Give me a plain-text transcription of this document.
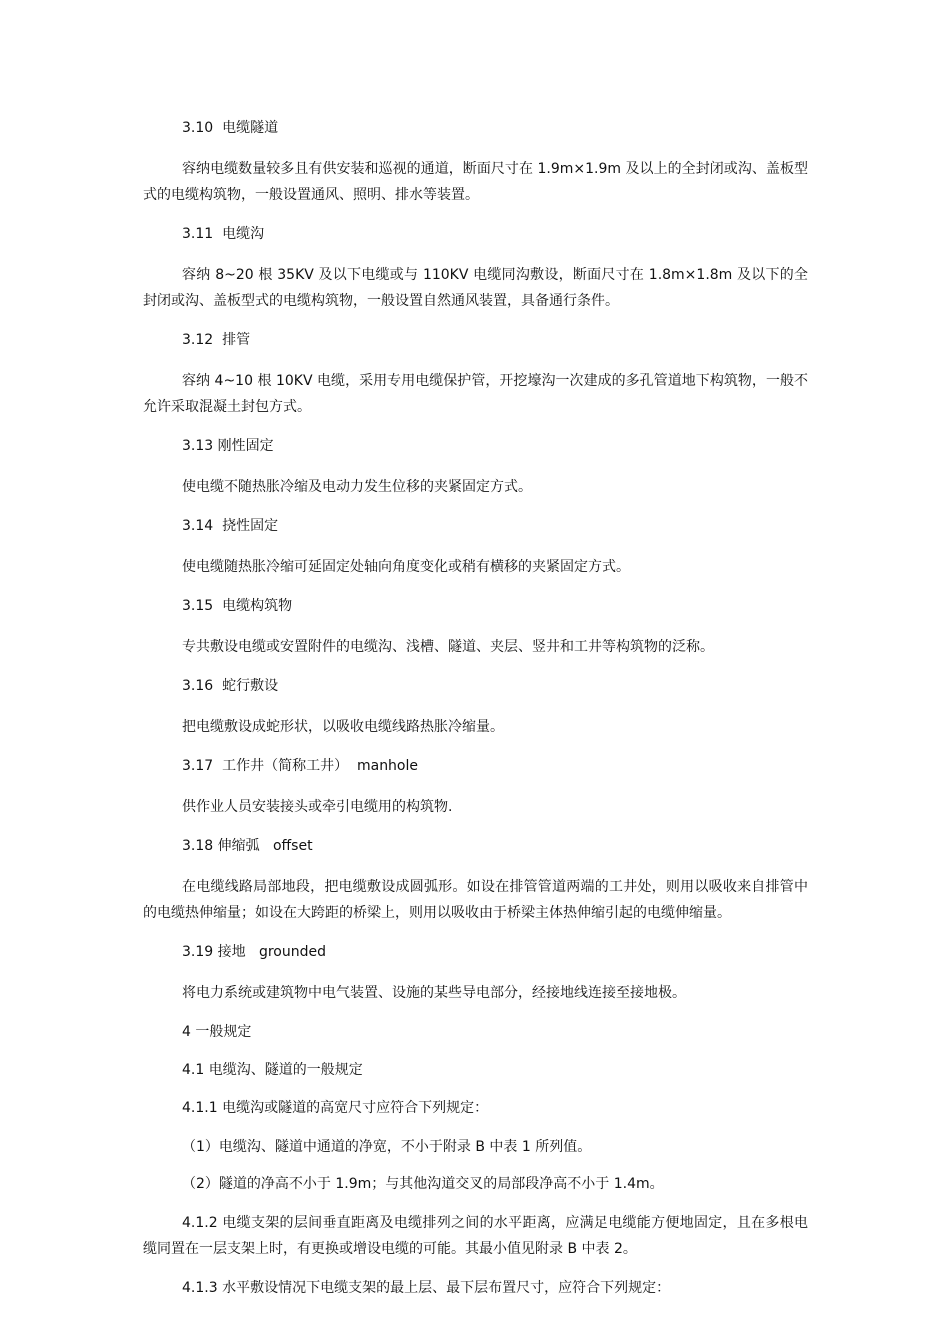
3.10  电缆隧道
容纳电缆数量较多且有供安装和巡视的通道，断面尺寸在 1.9m×1.9m 及以上的全封闭或沟、盖板型式的电缆构筑物，一般设置通风、照明、排水等装置。
3.11  电缆沟
容纳 8~20 根 35KV 及以下电缆或与 110KV 电缆同沟敷设，断面尺寸在 1.8m×1.8m 及以下的全封闭或沟、盖板型式的电缆构筑物，一般设置自然通风装置，具备通行条件。
3.12  排管
容纳 4~10 根 10KV 电缆，采用专用电缆保护管，开挖壕沟一次建成的多孔管道地下构筑物，一般不允许采取混凝土封包方式。
3.13 刚性固定
使电缆不随热胀冷缩及电动力发生位移的夹紧固定方式。
3.14  挠性固定
使电缆随热胀冷缩可延固定处轴向角度变化或稍有横移的夹紧固定方式。
3.15  电缆构筑物
专共敷设电缆或安置附件的电缆沟、浅槽、隧道、夹层、竖井和工井等构筑物的泛称。
3.16  蛇行敷设
把电缆敷设成蛇形状，以吸收电缆线路热胀冷缩量。
3.17  工作井（简称工井）  manhole
供作业人员安装接头或牵引电缆用的构筑物.
3.18 伸缩弧   offset
在电缆线路局部地段，把电缆敷设成圆弧形。如设在排管管道两端的工井处，则用以吸收来自排管中的电缆热伸缩量；如设在大跨距的桥梁上，则用以吸收由于桥梁主体热伸缩引起的电缆伸缩量。
3.19 接地   grounded
将电力系统或建筑物中电气装置、设施的某些导电部分，经接地线连接至接地极。
4 一般规定
4.1 电缆沟、隧道的一般规定
4.1.1 电缆沟或隧道的高宽尺寸应符合下列规定：
（1）电缆沟、隧道中通道的净宽，不小于附录 B 中表 1 所列值。
（2）隧道的净高不小于 1.9m；与其他沟道交叉的局部段净高不小于 1.4m。
4.1.2 电缆支架的层间垂直距离及电缆排列之间的水平距离，应满足电缆能方便地固定，且在多根电缆同置在一层支架上时，有更换或增设电缆的可能。其最小值见附录 B 中表 2。
4.1.3 水平敷设情况下电缆支架的最上层、最下层布置尺寸，应符合下列规定：
